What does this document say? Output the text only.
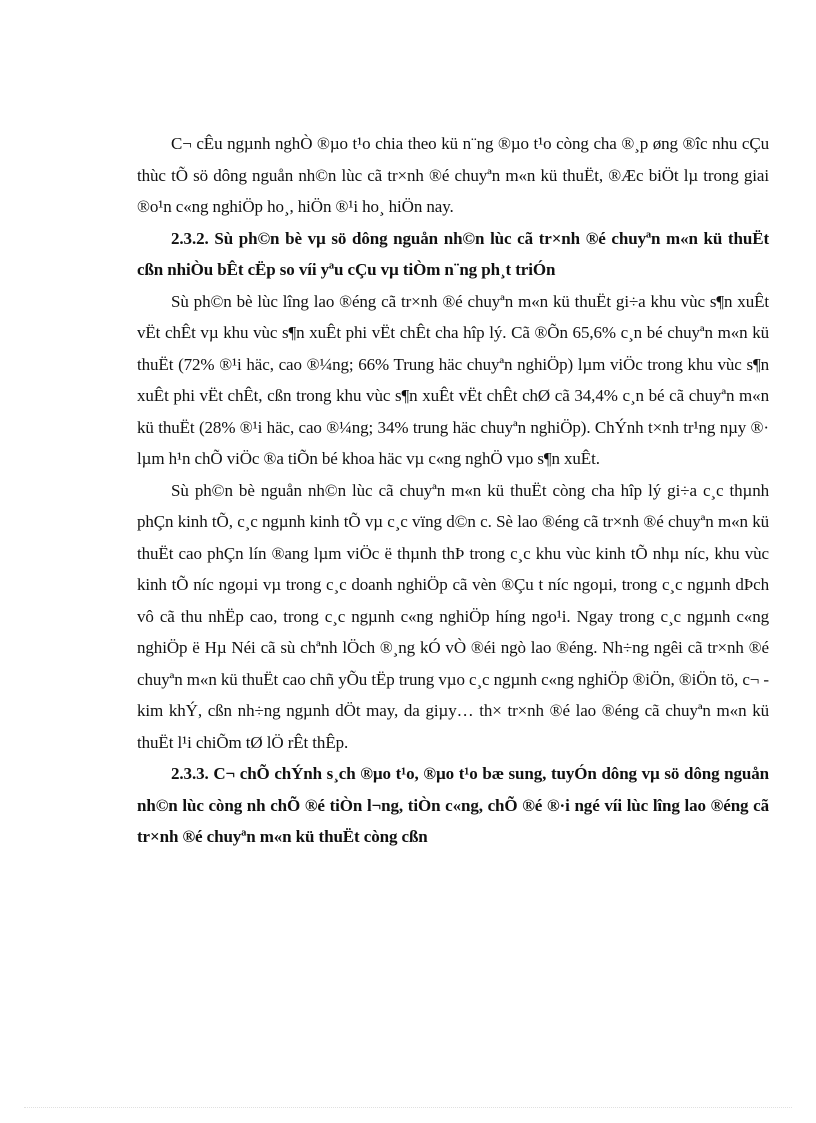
C¬ cÊu ngµnh nghÒ ®µo t¹o chia theo kü n¨ng ®µo t¹o còng cha ®¸p øng ®îc nhu cÇu thùc tÕ sö dông nguån nh©n lùc cã tr×nh ®é chuyªn m«n kü thuËt, ®Æc biÖt lµ trong giai ®o¹n c«ng nghiÖp ho¸, hiÖn ®¹i ho¸ hiÖn nay.

2.3.2. Sù ph©n bè vµ sö dông nguån nh©n lùc cã tr×nh ®é chuyªn m«n kü thuËt cßn nhiÒu bÊt cËp so víi yªu cÇu vµ tiÒm n¨ng ph¸t triÓn

Sù ph©n bè lùc lîng lao ®éng cã tr×nh ®é chuyªn m«n kü thuËt gi÷a khu vùc s¶n xuÊt vËt chÊt vµ khu vùc s¶n xuÊt phi vËt chÊt cha hîp lý. Cã ®Õn 65,6% c¸n bé chuyªn m«n kü thuËt (72% ®¹i häc, cao ®¼ng; 66% Trung häc chuyªn nghiÖp) lµm viÖc trong khu vùc s¶n xuÊt phi vËt chÊt, cßn trong khu vùc s¶n xuÊt vËt chÊt chØ cã 34,4% c¸n bé cã chuyªn m«n kü thuËt (28% ®¹i häc, cao ®¼ng; 34% trung häc chuyªn nghiÖp). ChÝnh t×nh tr¹ng nµy ®· lµm h¹n chÕ viÖc ®a tiÕn bé khoa häc vµ c«ng nghÖ vµo s¶n xuÊt.

Sù ph©n bè nguån nh©n lùc cã chuyªn m«n kü thuËt còng cha hîp lý gi÷a c¸c thµnh phÇn kinh tÕ, c¸c ngµnh kinh tÕ vµ c¸c vïng d©n c. Sè lao ®éng cã tr×nh ®é chuyªn m«n kü thuËt cao phÇn lín ®ang lµm viÖc ë thµnh thÞ trong c¸c khu vùc kinh tÕ nhµ níc, khu vùc kinh tÕ níc ngoµi vµ trong c¸c doanh nghiÖp cã vèn ®Çu t níc ngoµi, trong c¸c ngµnh dÞch vô cã thu nhËp cao, trong c¸c ngµnh c«ng nghiÖp híng ngo¹i. Ngay trong c¸c ngµnh c«ng nghiÖp ë Hµ Néi cã sù chªnh lÖch ®¸ng kÓ vÒ ®éi ngò lao ®éng. Nh÷ng ngêi cã tr×nh ®é chuyªn m«n kü thuËt cao chñ yÕu tËp trung vµo c¸c ngµnh c«ng nghiÖp ®iÖn, ®iÖn tö, c¬ - kim khÝ, cßn nh÷ng ngµnh dÖt may, da giµy… th× tr×nh ®é lao ®éng cã chuyªn m«n kü thuËt l¹i chiÕm tØ lÖ rÊt thÊp.

2.3.3. C¬ chÕ chÝnh s¸ch ®µo t¹o, ®µo t¹o bæ sung, tuyÓn dông vµ sö dông nguån nh©n lùc còng nh chÕ ®é tiÒn l¬ng, tiÒn c«ng, chÕ ®é ®·i ngé víi lùc lîng lao ®éng cã tr×nh ®é chuyªn m«n kü thuËt còng cßn
